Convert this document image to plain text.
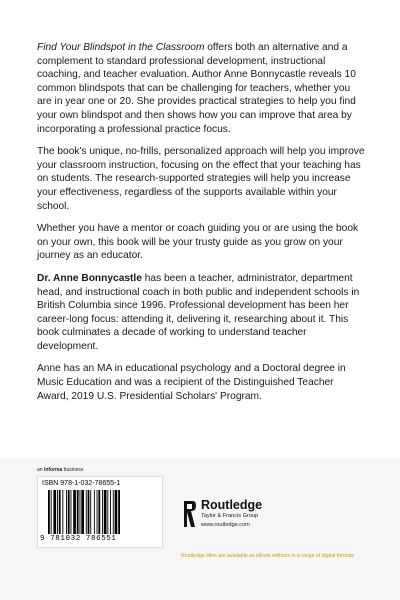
Find Your Blindspot in the Classroom offers both an alternative and a complement to standard professional development, instructional coaching, and teacher evaluation. Author Anne Bonnycastle reveals 10 common blindspots that can be challenging for teachers, whether you are in year one or 20. She provides practical strategies to help you find your own blindspot and then shows how you can improve that area by incorporating a professional practice focus.

The book's unique, no-frills, personalized approach will help you improve your classroom instruction, focusing on the effect that your teaching has on students. The research-supported strategies will help you increase your effectiveness, regardless of the supports available within your school.

Whether you have a mentor or coach guiding you or are using the book on your own, this book will be your trusty guide as you grow on your journey as an educator.

Dr. Anne Bonnycastle has been a teacher, administrator, department head, and instructional coach in both public and independent schools in British Columbia since 1996. Professional development has been her career-long focus: attending it, delivering it, researching about it. This book culminates a decade of working to understand teacher development.

Anne has an MA in educational psychology and a Doctoral degree in Music Education and was a recipient of the Distinguished Teacher Award, 2019 U.S. Presidential Scholars' Program.

an informa business
ISBN 978-1-032-78655-1
9 781032 786551
Routledge
Taylor & Francis Group
www.routledge.com
Routledge titles are available as eBook editions in a range of digital formats
